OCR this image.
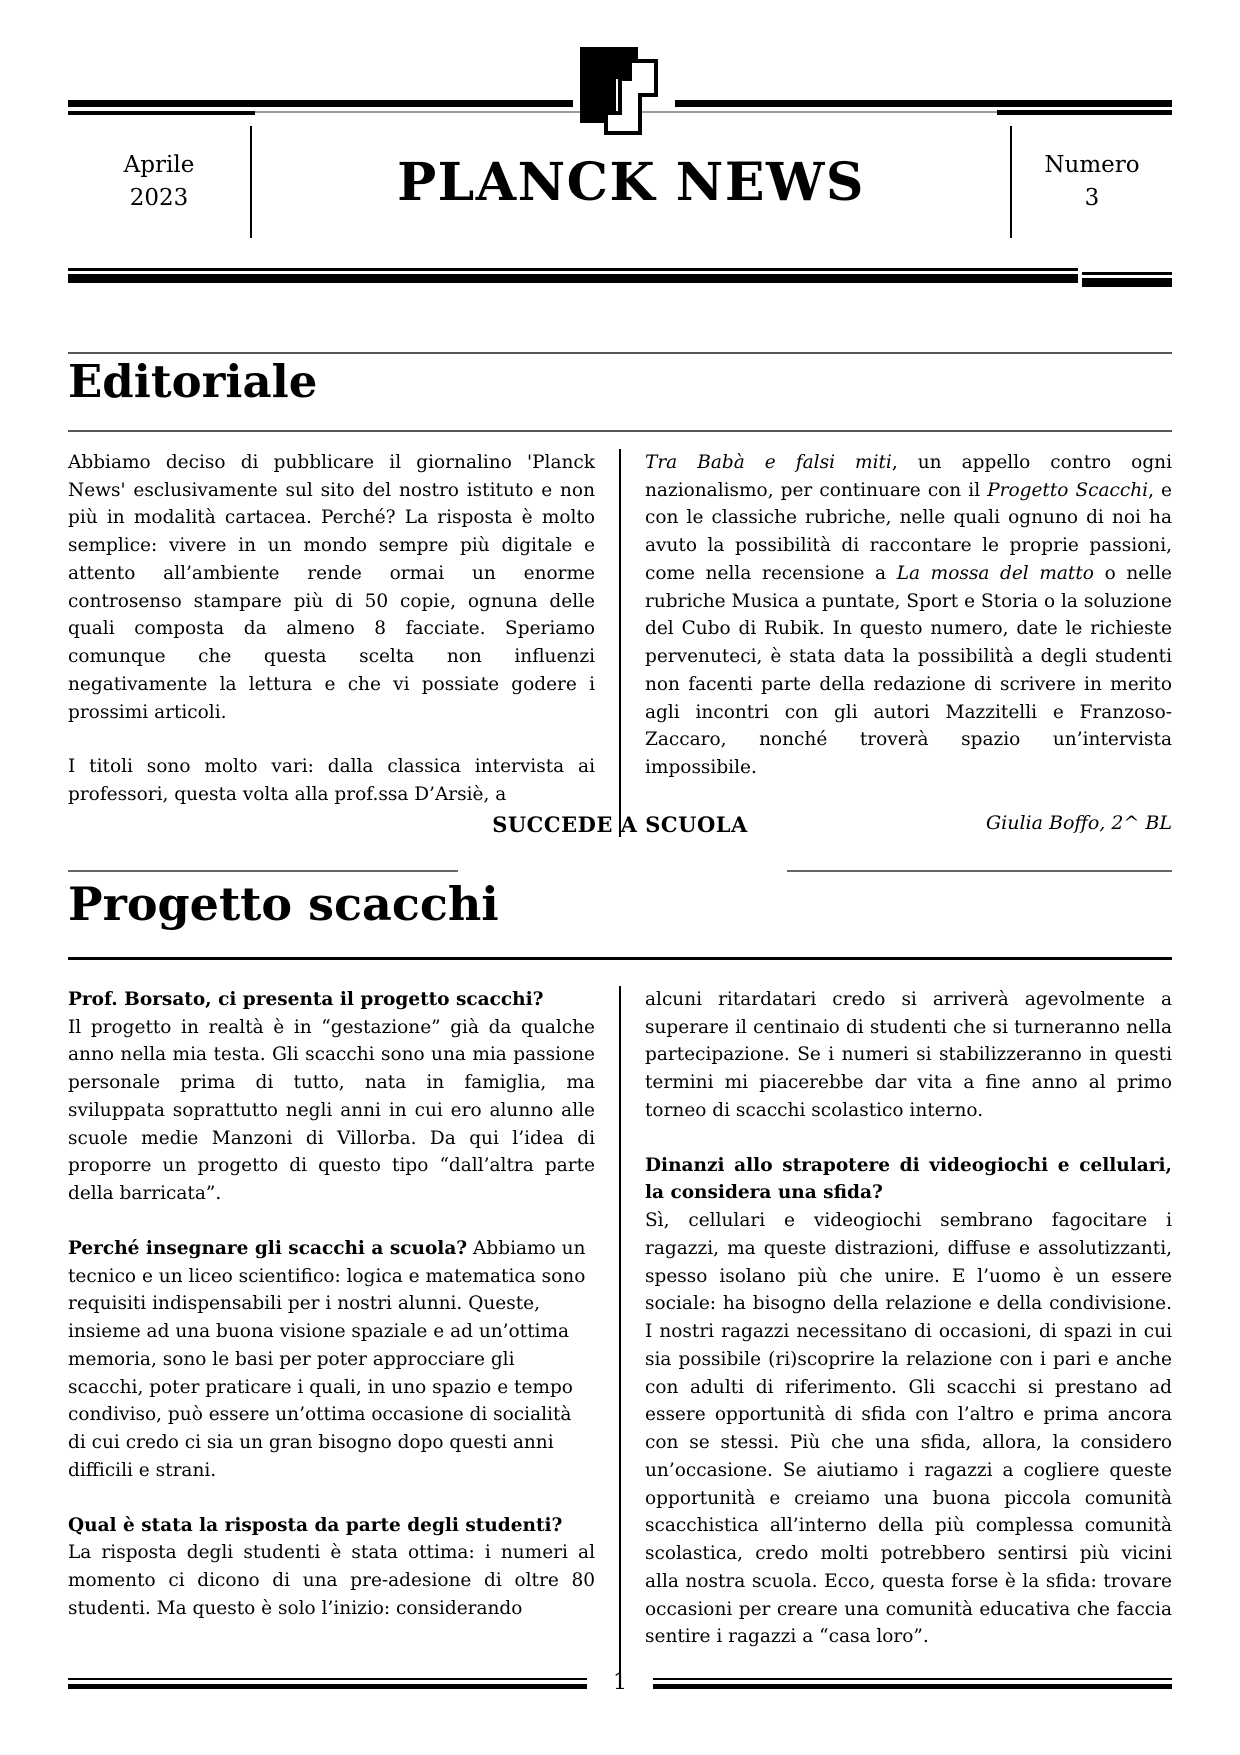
Aprile
2023	PLANCK NEWS	Numero
3
Editoriale

Abbiamo deciso di pubblicare il giornalino 'Planck News' esclusivamente sul sito del nostro istituto e non più in modalità cartacea. Perché? La risposta è molto semplice: vivere in un mondo sempre più digitale e attento all’ambiente rende ormai un enorme controsenso stampare più di 50 copie, ognuna delle quali composta da almeno 8 facciate. Speriamo comunque che questa scelta non influenzi negativamente la lettura e che vi possiate godere i prossimi articoli.

I titoli sono molto vari: dalla classica intervista ai professori, questa volta alla prof.ssa D’Arsiè, a

Tra Babà e falsi miti, un appello contro ogni nazionalismo, per continuare con il Progetto Scacchi, e con le classiche rubriche, nelle quali ognuno di noi ha avuto la possibilità di raccontare le proprie passioni, come nella recensione a La mossa del matto o nelle rubriche Musica a puntate, Sport e Storia o la soluzione del Cubo di Rubik. In questo numero, date le richieste pervenuteci, è stata data la possibilità a degli studenti non facenti parte della redazione di scrivere in merito agli incontri con gli autori Mazzitelli e Franzoso-Zaccaro, nonché troverà spazio un’intervista impossibile.

Giulia Boffo, 2^ BL
SUCCEDE A SCUOLA
Progetto scacchi

Prof. Borsato, ci presenta il progetto scacchi?
Il progetto in realtà è in “gestazione” già da qualche anno nella mia testa. Gli scacchi sono una mia passione personale prima di tutto, nata in famiglia, ma sviluppata soprattutto negli anni in cui ero alunno alle scuole medie Manzoni di Villorba. Da qui l’idea di proporre un progetto di questo tipo “dall’altra parte della barricata”.

Perché insegnare gli scacchi a scuola? Abbiamo un tecnico e un liceo scientifico: logica e matematica sono requisiti indispensabili per i nostri alunni. Queste, insieme ad una buona visione spaziale e ad un’ottima memoria, sono le basi per poter approcciare gli scacchi, poter praticare i quali, in uno spazio e tempo condiviso, può essere un’ottima occasione di socialità di cui credo ci sia un gran bisogno dopo questi anni difficili e strani.

Qual è stata la risposta da parte degli studenti?
La risposta degli studenti è stata ottima: i numeri al momento ci dicono di una pre-adesione di oltre 80 studenti. Ma questo è solo l’inizio: considerando

alcuni ritardatari credo si arriverà agevolmente a superare il centinaio di studenti che si turneranno nella partecipazione. Se i numeri si stabilizzeranno in questi termini mi piacerebbe dar vita a fine anno al primo torneo di scacchi scolastico interno.

Dinanzi allo strapotere di videogiochi e cellulari, la considera una sfida?
Sì, cellulari e videogiochi sembrano fagocitare i ragazzi, ma queste distrazioni, diffuse e assolutizzanti, spesso isolano più che unire. E l’uomo è un essere sociale: ha bisogno della relazione e della condivisione. I nostri ragazzi necessitano di occasioni, di spazi in cui sia possibile (ri)scoprire la relazione con i pari e anche con adulti di riferimento. Gli scacchi si prestano ad essere opportunità di sfida con l’altro e prima ancora con se stessi. Più che una sfida, allora, la considero un’occasione. Se aiutiamo i ragazzi a cogliere queste opportunità e creiamo una buona piccola comunità scacchistica all’interno della più complessa comunità scolastica, credo molti potrebbero sentirsi più vicini alla nostra scuola. Ecco, questa forse è la sfida: trovare occasioni per creare una comunità educativa che faccia sentire i ragazzi a “casa loro”.

1
